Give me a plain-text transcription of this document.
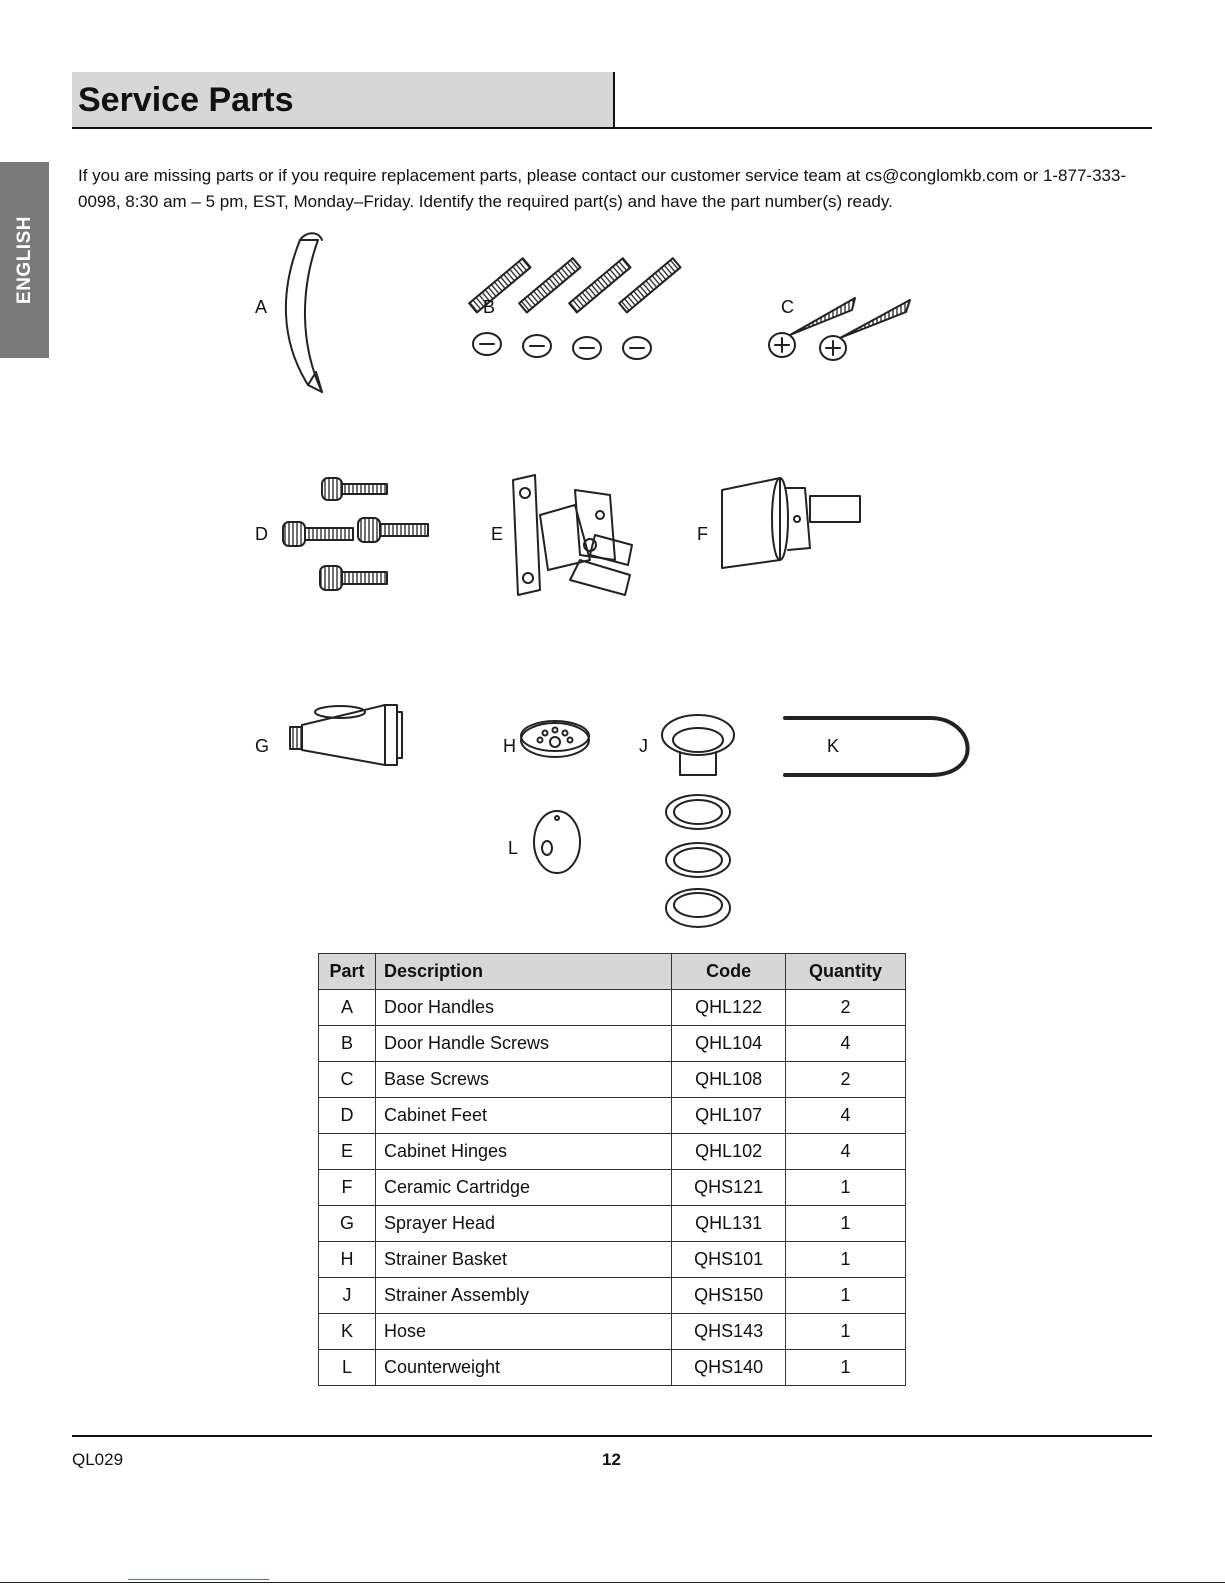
ENGLISH
Service Parts
If you are missing parts or if you require replacement parts, please contact our customer service team at cs@conglomkb.com or 1-877-333-0098, 8:30 am – 5 pm, EST, Monday–Friday. Identify the required part(s) and have the part number(s) ready.
A	B	C
D	E	F
G	H	J	K
L
Part	Description	Code	Quantity
A	Door Handles	QHL122	2
B	Door Handle Screws	QHL104	4
C	Base Screws	QHL108	2
D	Cabinet Feet	QHL107	4
E	Cabinet Hinges	QHL102	4
F	Ceramic Cartridge	QHS121	1
G	Sprayer Head	QHL131	1
H	Strainer Basket	QHS101	1
J	Strainer Assembly	QHS150	1
K	Hose	QHS143	1
L	Counterweight	QHS140	1
QL029	12
